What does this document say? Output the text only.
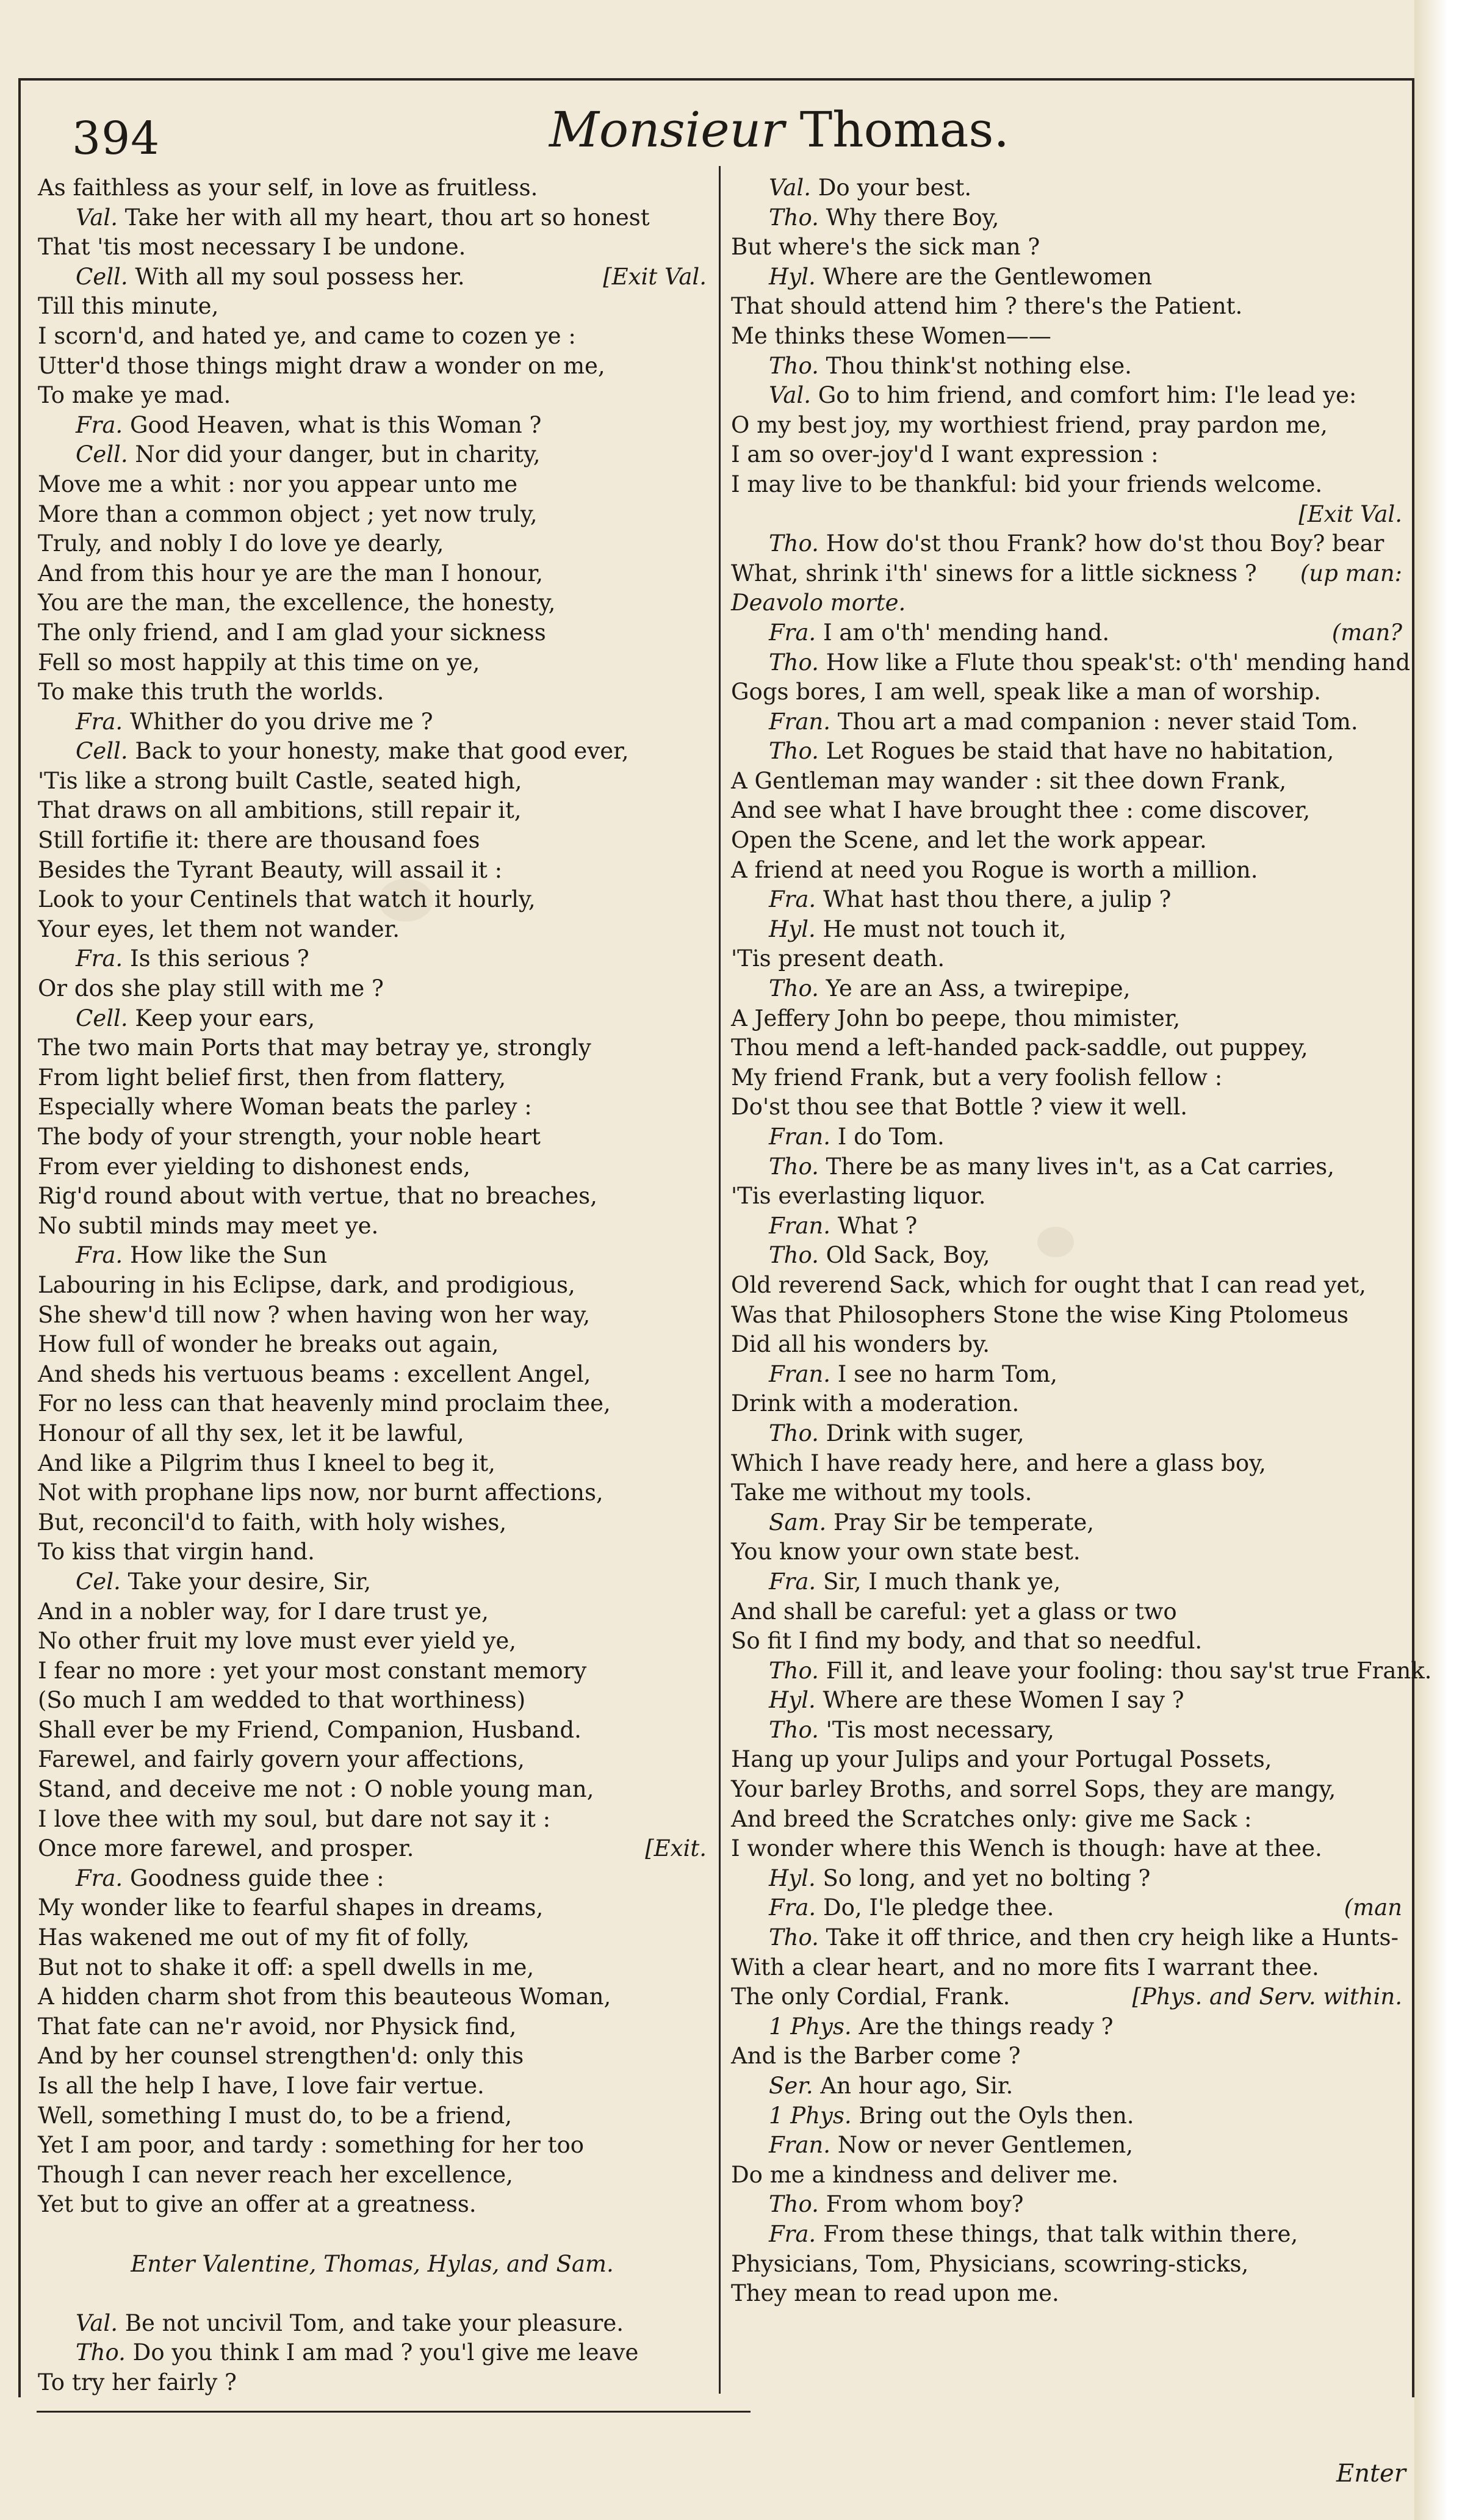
394	Monsieur Thomas.
As faithless as your self, in love as fruitless.
Val. Take her with all my heart, thou art so honest
That 'tis most necessary I be undone.
Cell. With all my soul possess her.	[Exit Val.
Till this minute,
I scorn'd, and hated ye, and came to cozen ye :
Utter'd those things might draw a wonder on me,
To make ye mad.
Fra. Good Heaven, what is this Woman ?
Cell. Nor did your danger, but in charity,
Move me a whit : nor you appear unto me
More than a common object ; yet now truly,
Truly, and nobly I do love ye dearly,
And from this hour ye are the man I honour,
You are the man, the excellence, the honesty,
The only friend, and I am glad your sickness
Fell so most happily at this time on ye,
To make this truth the worlds.
Fra. Whither do you drive me ?
Cell. Back to your honesty, make that good ever,
'Tis like a strong built Castle, seated high,
That draws on all ambitions, still repair it,
Still fortifie it: there are thousand foes
Besides the Tyrant Beauty, will assail it :
Look to your Centinels that watch it hourly,
Your eyes, let them not wander.
Fra. Is this serious ?
Or dos she play still with me ?
Cell. Keep your ears,
The two main Ports that may betray ye, strongly
From light belief first, then from flattery,
Especially where Woman beats the parley :
The body of your strength, your noble heart
From ever yielding to dishonest ends,
Rig'd round about with vertue, that no breaches,
No subtil minds may meet ye.
Fra. How like the Sun
Labouring in his Eclipse, dark, and prodigious,
She shew'd till now ? when having won her way,
How full of wonder he breaks out again,
And sheds his vertuous beams : excellent Angel,
For no less can that heavenly mind proclaim thee,
Honour of all thy sex, let it be lawful,
And like a Pilgrim thus I kneel to beg it,
Not with prophane lips now, nor burnt affections,
But, reconcil'd to faith, with holy wishes,
To kiss that virgin hand.
Cel. Take your desire, Sir,
And in a nobler way, for I dare trust ye,
No other fruit my love must ever yield ye,
I fear no more : yet your most constant memory
(So much I am wedded to that worthiness)
Shall ever be my Friend, Companion, Husband.
Farewel, and fairly govern your affections,
Stand, and deceive me not : O noble young man,
I love thee with my soul, but dare not say it :
Once more farewel, and prosper.	[Exit.
Fra. Goodness guide thee :
My wonder like to fearful shapes in dreams,
Has wakened me out of my fit of folly,
But not to shake it off: a spell dwells in me,
A hidden charm shot from this beauteous Woman,
That fate can ne'r avoid, nor Physick find,
And by her counsel strengthen'd: only this
Is all the help I have, I love fair vertue.
Well, something I must do, to be a friend,
Yet I am poor, and tardy : something for her too
Though I can never reach her excellence,
Yet but to give an offer at a greatness.
Enter Valentine, Thomas, Hylas, and Sam.
Val. Be not uncivil Tom, and take your pleasure.
Tho. Do you think I am mad ? you'l give me leave
To try her fairly ?
Val. Do your best.
Tho. Why there Boy,
But where's the sick man ?
Hyl. Where are the Gentlewomen
That should attend him ? there's the Patient.
Me thinks these Women——
Tho. Thou think'st nothing else.
Val. Go to him friend, and comfort him: I'le lead ye:
O my best joy, my worthiest friend, pray pardon me,
I am so over-joy'd I want expression :
I may live to be thankful: bid your friends welcome.
[Exit Val.
Tho. How do'st thou Frank? how do'st thou Boy? bear
What, shrink i'th' sinews for a little sickness ? (up man:
Deavolo morte.
Fra. I am o'th' mending hand.	(man?
Tho. How like a Flute thou speak'st: o'th' mending hand
Gogs bores, I am well, speak like a man of worship.
Fran. Thou art a mad companion : never staid Tom.
Tho. Let Rogues be staid that have no habitation,
A Gentleman may wander : sit thee down Frank,
And see what I have brought thee : come discover,
Open the Scene, and let the work appear.
A friend at need you Rogue is worth a million.
Fra. What hast thou there, a julip ?
Hyl. He must not touch it,
'Tis present death.
Tho. Ye are an Ass, a twirepipe,
A Jeffery John bo peepe, thou mimister,
Thou mend a left-handed pack-saddle, out puppey,
My friend Frank, but a very foolish fellow :
Do'st thou see that Bottle ? view it well.
Fran. I do Tom.
Tho. There be as many lives in't, as a Cat carries,
'Tis everlasting liquor.
Fran. What ?
Tho. Old Sack, Boy,
Old reverend Sack, which for ought that I can read yet,
Was that Philosophers Stone the wise King Ptolomeus
Did all his wonders by.
Fran. I see no harm Tom,
Drink with a moderation.
Tho. Drink with suger,
Which I have ready here, and here a glass boy,
Take me without my tools.
Sam. Pray Sir be temperate,
You know your own state best.
Fra. Sir, I much thank ye,
And shall be careful: yet a glass or two
So fit I find my body, and that so needful.
Tho. Fill it, and leave your fooling: thou say'st true Frank.
Hyl. Where are these Women I say ?
Tho. 'Tis most necessary,
Hang up your Julips and your Portugal Possets,
Your barley Broths, and sorrel Sops, they are mangy,
And breed the Scratches only: give me Sack :
I wonder where this Wench is though: have at thee.
Hyl. So long, and yet no bolting ?
Fra. Do, I'le pledge thee.	(man
Tho. Take it off thrice, and then cry heigh like a Hunts-
With a clear heart, and no more fits I warrant thee.
The only Cordial, Frank.	[Phys. and Serv. within.
1 Phys. Are the things ready ?
And is the Barber come ?
Ser. An hour ago, Sir.
1 Phys. Bring out the Oyls then.
Fran. Now or never Gentlemen,
Do me a kindness and deliver me.
Tho. From whom boy?
Fra. From these things, that talk within there,
Physicians, Tom, Physicians, scowring-sticks,
They mean to read upon me.
Enter
